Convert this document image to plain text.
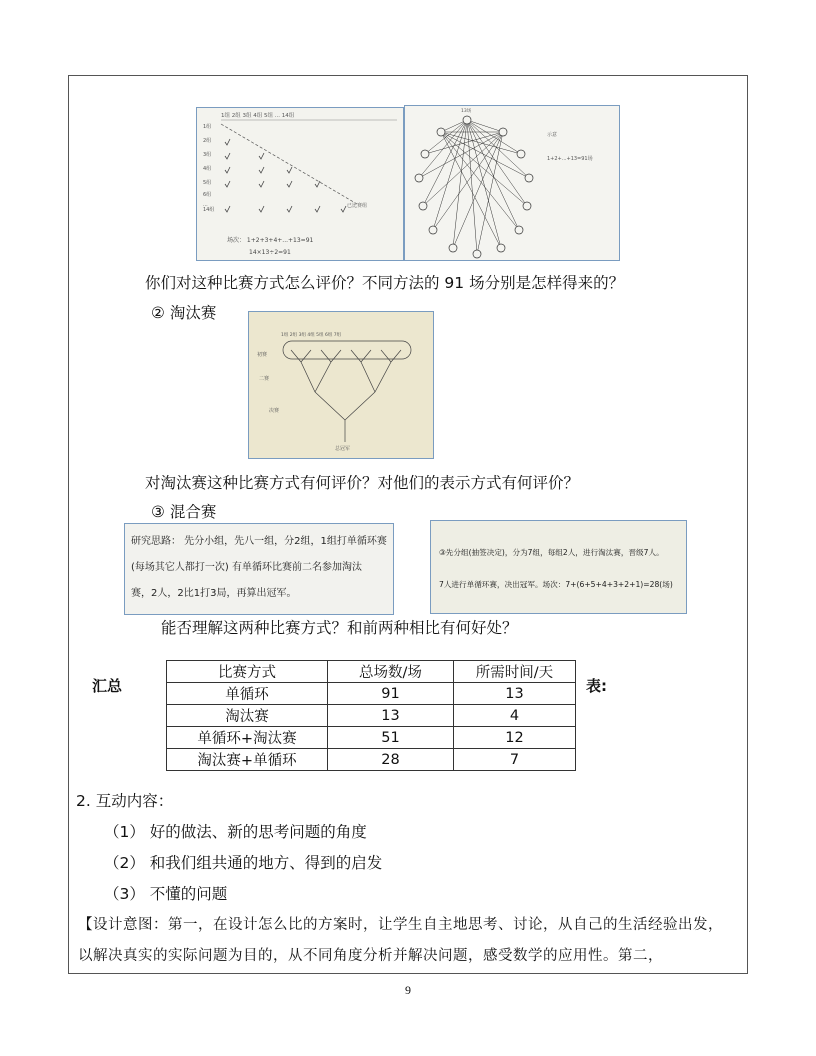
1组 2组 3组 4组 5组 ... 14组
1组
2组
3组
4组
5组
6组
...
14组
已比赛组
场次： 1+2+3+4+...+13=91
14×13÷2=91
13场
示意
1+2+...+13=91场
你们对这种比赛方式怎么评价？不同方法的 91 场分别是怎样得来的？
② 淘汰赛
1组 2组 3组 4组 5组 6组 7组
初赛
二赛
决赛
总冠军
对淘汰赛这种比赛方式有何评价？对他们的表示方式有何评价？
③ 混合赛
研究思路： 先分小组，先八一组，分2组，1组打单循环赛
(每场其它人都打一次) 有单循环比赛前二名参加淘汰
赛，2人，2比1打3局，再算出冠军。
③先分组(抽签决定)，分为7组，每组2人，进行淘汰赛，晋级7人。
7人进行单循环赛，决出冠军。场次：7+(6+5+4+3+2+1)=28(场)
能否理解这两种比赛方式？和前两种相比有何好处？
汇总	表:
比赛方式	总场数/场	所需时间/天
单循环	91	13
淘汰赛	13	4
单循环+淘汰赛	51	12
淘汰赛+单循环	28	7
2. 互动内容：
（1） 好的做法、新的思考问题的角度
（2） 和我们组共通的地方、得到的启发
（3） 不懂的问题
【设计意图：第一，在设计怎么比的方案时，让学生自主地思考、讨论，从自己的生活经验出发，以解决真实的实际问题为目的，从不同角度分析并解决问题，感受数学的应用性。第二，
9
